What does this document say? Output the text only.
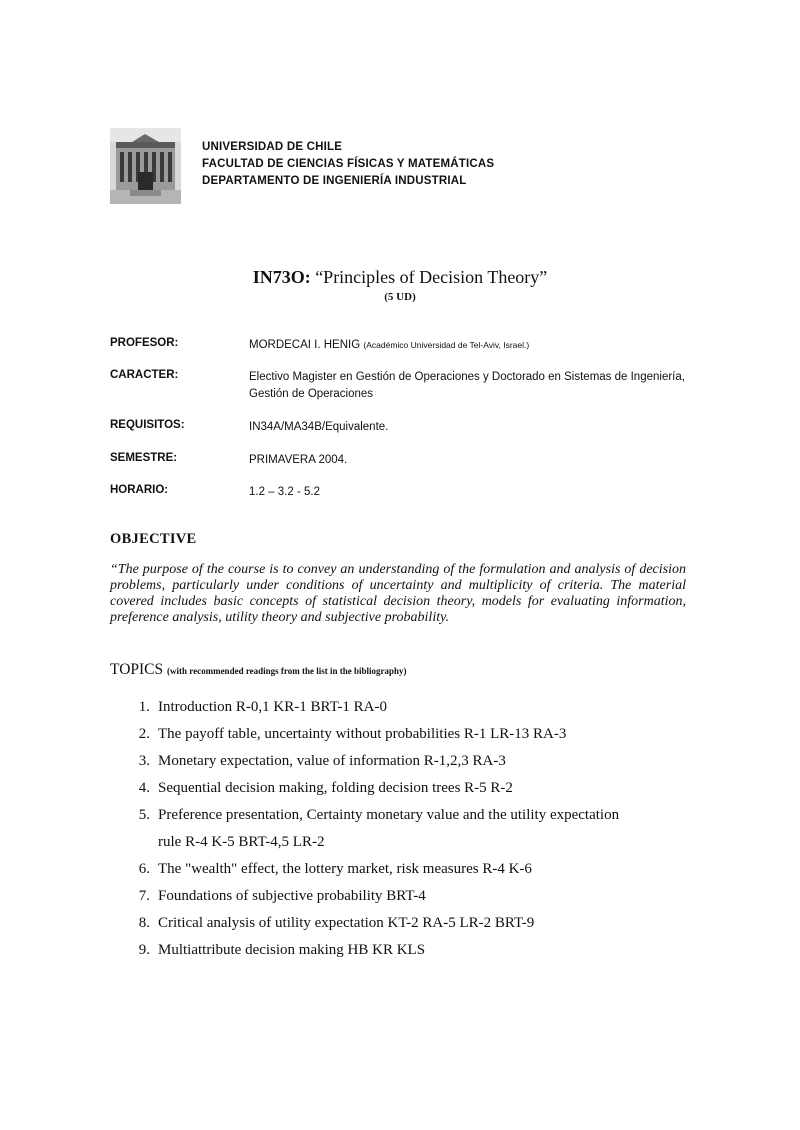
UNIVERSIDAD DE CHILE
FACULTAD DE CIENCIAS FÍSICAS Y MATEMÁTICAS
DEPARTAMENTO DE INGENIERÍA INDUSTRIAL
IN73O: “Principles of Decision Theory”
(5 UD)
PROFESOR:	MORDECAI I. HENIG (Académico Universidad de Tel-Aviv, Israel.)
CARACTER:	Electivo Magister en Gestión de Operaciones y Doctorado en Sistemas de Ingeniería, Gestión de Operaciones
REQUISITOS:	IN34A/MA34B/Equivalente.
SEMESTRE:	PRIMAVERA 2004.
HORARIO:	1.2 – 3.2 - 5.2
OBJECTIVE
“The purpose of the course is to convey an understanding of the formulation and analysis of decision problems, particularly under conditions of uncertainty and multiplicity of criteria. The material covered includes basic concepts of statistical decision theory, models for evaluating information, preference analysis, utility theory and subjective probability.
TOPICS (with recommended readings from the list in the bibliography)
1. Introduction R-0,1 KR-1 BRT-1 RA-0
2. The payoff table, uncertainty without probabilities R-1 LR-13 RA-3
3. Monetary expectation, value of information R-1,2,3 RA-3
4. Sequential decision making, folding decision trees R-5 R-2
5. Preference presentation, Certainty monetary value and the utility expectation
rule R-4 K-5 BRT-4,5 LR-2
6. The "wealth" effect, the lottery market, risk measures R-4 K-6
7. Foundations of subjective probability BRT-4
8. Critical analysis of utility expectation KT-2 RA-5 LR-2 BRT-9
9. Multiattribute decision making HB KR KLS
